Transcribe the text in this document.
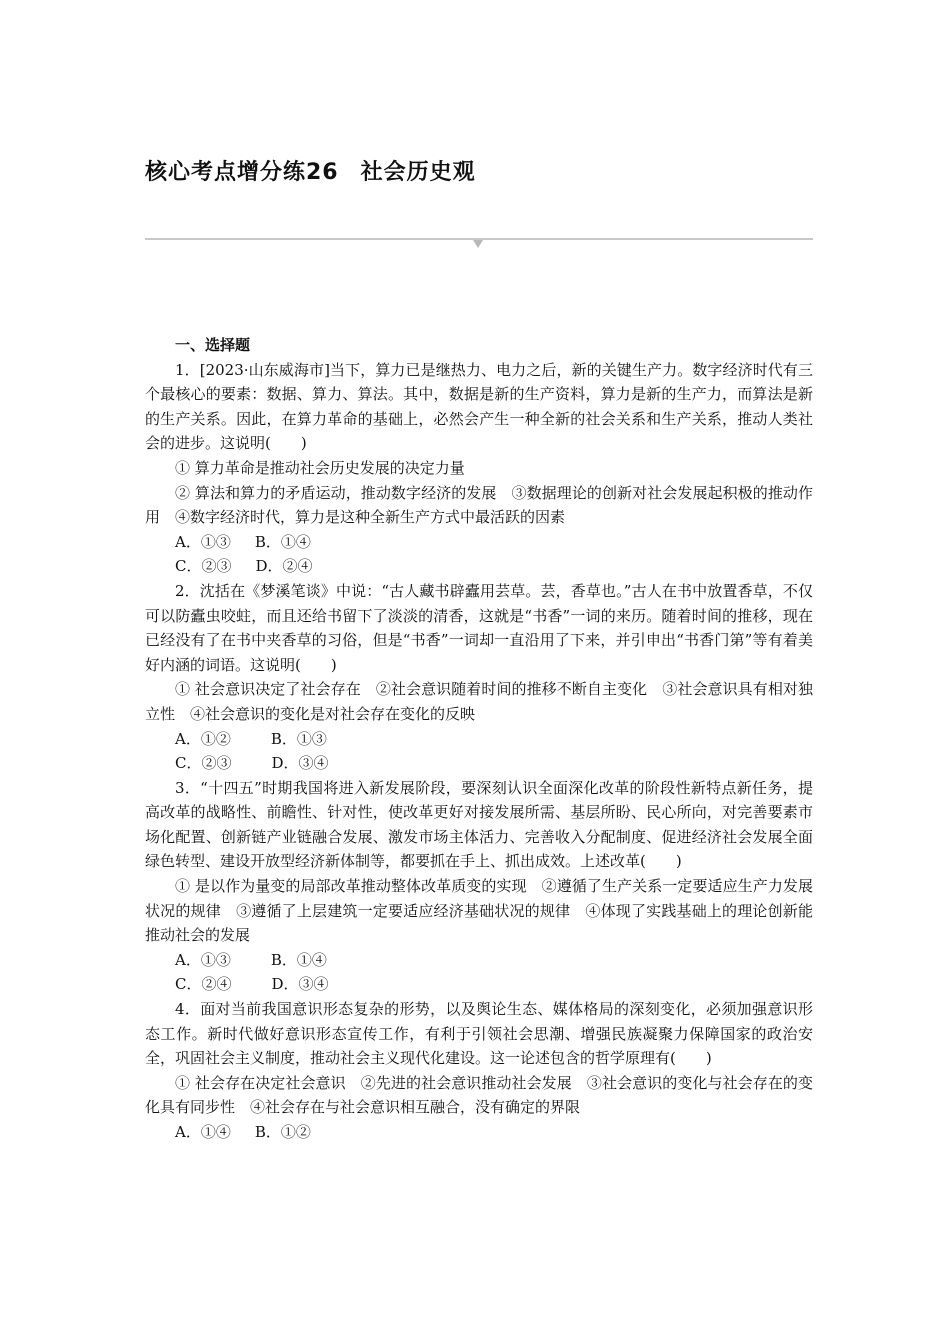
核心考点增分练26 社会历史观

一、选择题

1．[2023·山东威海市]当下，算力已是继热力、电力之后，新的关键生产力。数字经济时代有三个最核心的要素：数据、算力、算法。其中，数据是新的生产资料，算力是新的生产力，而算法是新的生产关系。因此，在算力革命的基础上，必然会产生一种全新的社会关系和生产关系，推动人类社会的进步。这说明(　　)

① 算力革命是推动社会历史发展的决定力量

② 算法和算力的矛盾运动，推动数字经济的发展　③数据理论的创新对社会发展起积极的推动作用　④数字经济时代，算力是这种全新生产方式中最活跃的因素

A．①③ B．①④

C．②③ D．②④

2．沈括在《梦溪笔谈》中说：“古人藏书辟蠹用芸草。芸，香草也。”古人在书中放置香草，不仅可以防蠹虫咬蛀，而且还给书留下了淡淡的清香，这就是“书香”一词的来历。随着时间的推移，现在已经没有了在书中夹香草的习俗，但是“书香”一词却一直沿用了下来，并引申出“书香门第”等有着美好内涵的词语。这说明(　　)

① 社会意识决定了社会存在　②社会意识随着时间的推移不断自主变化　③社会意识具有相对独立性　④社会意识的变化是对社会存在变化的反映

A．①②	B．①③

C．②③	D．③④

3．“十四五”时期我国将进入新发展阶段，要深刻认识全面深化改革的阶段性新特点新任务，提高改革的战略性、前瞻性、针对性，使改革更好对接发展所需、基层所盼、民心所向，对完善要素市场化配置、创新链产业链融合发展、激发市场主体活力、完善收入分配制度、促进经济社会发展全面绿色转型、建设开放型经济新体制等，都要抓在手上、抓出成效。上述改革(　　)

① 是以作为量变的局部改革推动整体改革质变的实现　②遵循了生产关系一定要适应生产力发展状况的规律　③遵循了上层建筑一定要适应经济基础状况的规律　④体现了实践基础上的理论创新能推动社会的发展

A．①③	B．①④

C．②④	D．③④

4．面对当前我国意识形态复杂的形势，以及舆论生态、媒体格局的深刻变化，必须加强意识形态工作。新时代做好意识形态宣传工作，有利于引领社会思潮、增强民族凝聚力保障国家的政治安全，巩固社会主义制度，推动社会主义现代化建设。这一论述包含的哲学原理有(　　)

① 社会存在决定社会意识　②先进的社会意识推动社会发展　③社会意识的变化与社会存在的变化具有同步性　④社会存在与社会意识相互融合，没有确定的界限

A．①④ B．①②
